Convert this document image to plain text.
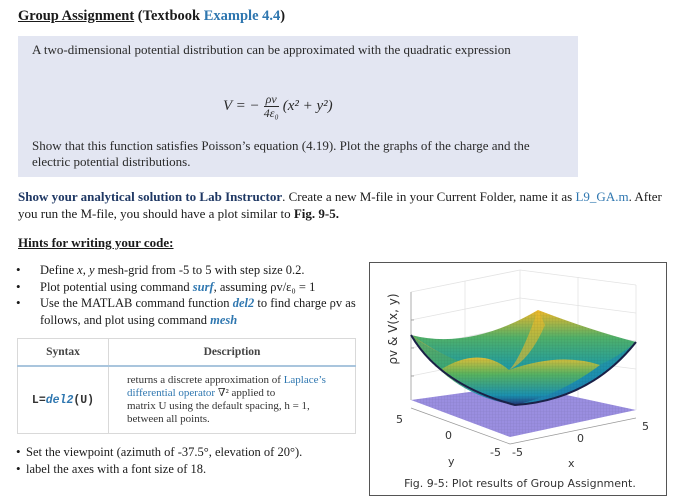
Group Assignment (Textbook Example 4.4)

A two-dimensional potential distribution can be approximated with the quadratic expression

V = − $\frac{\rho v}{\text{4ε₀}} (x^2 + y^2)$

Show that this function satisfies Poisson’s equation (4.19). Plot the graphs of the charge and the electric potential distributions.

Show your analytical solution to Lab Instructor. Create a new M-file in your Current Folder, name it as L9_GA.m. After you run the M-file, you should have a plot similar to Fig. 9-5.
Hints for writing your code:
• Define x, y mesh-grid from -5 to 5 with step size 0.2.
• Plot potential using command surf, assuming ρv/ε₀ = 1
• Use the MATLAB command function del2 to find charge ρv as follows, and plot using command mesh
Syntax	Description
L=del2(U)	returns a discrete approximation of Laplace’s differential operator ∇² applied to
matrix U using the default spacing, h = 1, between all points.
• Set the viewpoint (azimuth of -37.5°, elevation of 20°).
• label the axes with a font size of 18.
5
0
-5 -5
0
5
y	x
ρv & V(x, y)
Fig. 9-5: Plot results of Group Assignment.
